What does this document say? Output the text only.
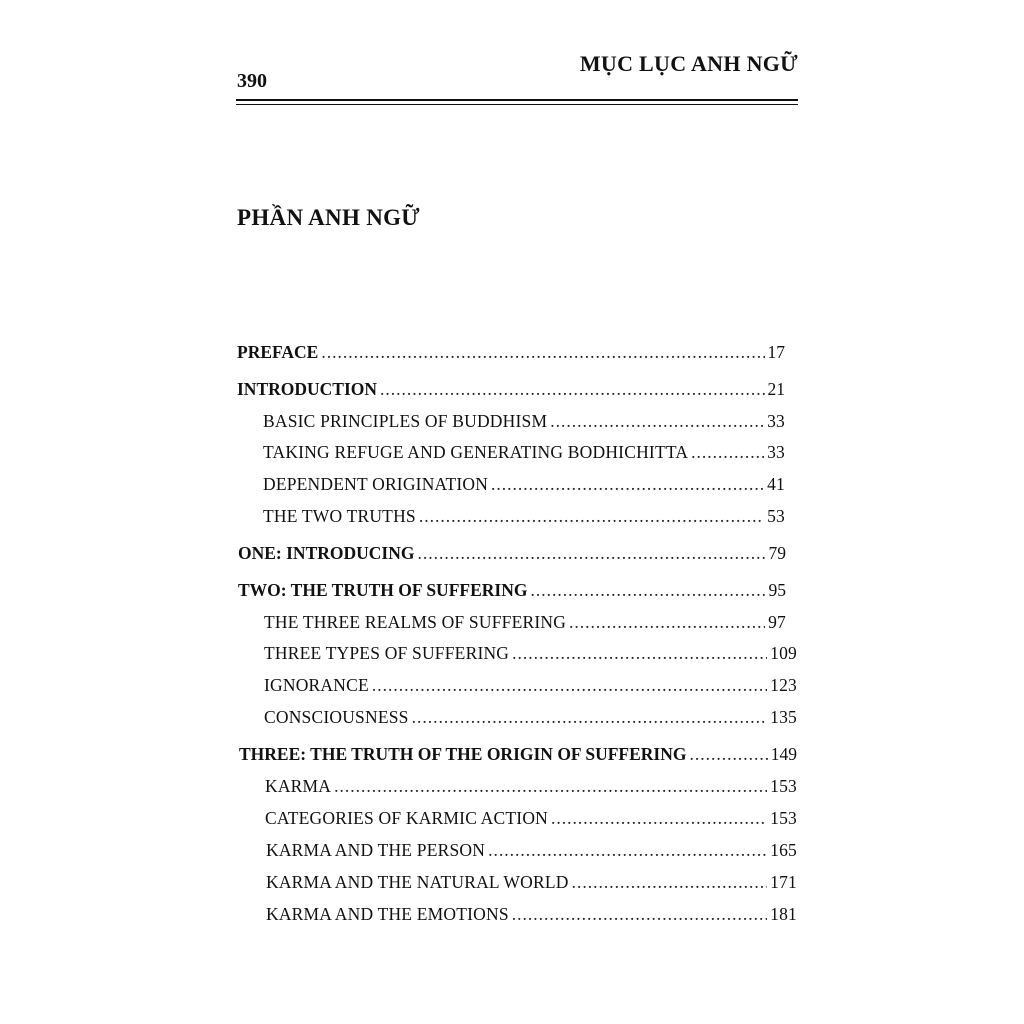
390
MỤC LỤC ANH NGỮ
PHẦN ANH NGỮ
PREFACE .....	17
INTRODUCTION .....	21
BASIC PRINCIPLES OF BUDDHISM .....	33
TAKING REFUGE AND GENERATING BODHICHITTA .....	33
DEPENDENT ORIGINATION .....	41
THE TWO TRUTHS .....	53
ONE: INTRODUCING .....	79
TWO: THE TRUTH OF SUFFERING .....	95
THE THREE REALMS OF SUFFERING .....	97
THREE TYPES OF SUFFERING .....	109
IGNORANCE .....	123
CONSCIOUSNESS .....	135
THREE: THE TRUTH OF THE ORIGIN OF SUFFERING .....	149
KARMA .....	153
CATEGORIES OF KARMIC ACTION .....	153
KARMA AND THE PERSON .....	165
KARMA AND THE NATURAL WORLD .....	171
KARMA AND THE EMOTIONS .....	181
